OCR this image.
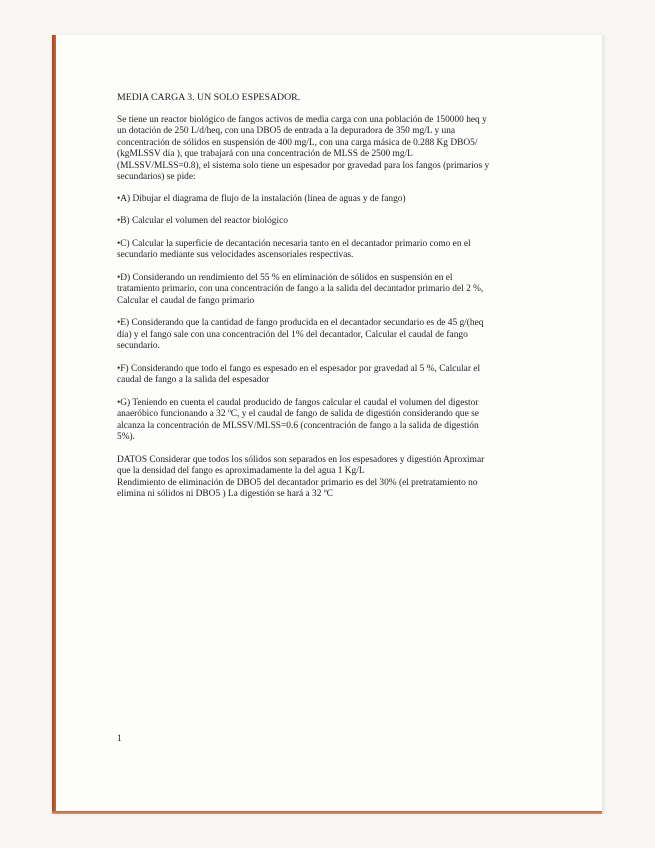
MEDIA CARGA 3. UN SOLO ESPESADOR.
Se tiene un reactor biológico de fangos activos de media carga con una población de 150000 heq y
un dotación de 250 L/d/heq, con una DBO5 de entrada a la depuradora de 350 mg/L y una
concentración de sólidos en suspensión de 400 mg/L, con una carga másica de 0.288 Kg DBO5/
(kgMLSSV día ), que trabajará con una concentración de MLSS de 2500 mg/L
(MLSSV/MLSS=0.8), el sistema solo tiene un espesador por gravedad para los fangos (primarios y
secundarios) se pide:
•A) Dibujar el diagrama de flujo de la instalación (línea de aguas y de fango)
•B) Calcular el volumen del reactor biológico
•C) Calcular la superficie de decantación necesaria tanto en el decantador primario como en el
secundario mediante sus velocidades ascensoriales respectivas.
•D) Considerando un rendimiento del 55 % en eliminación de sólidos en suspensión en el
tratamiento primario, con una concentración de fango a la salida del decantador primario del 2 %,
Calcular el caudal de fango primario
•E) Considerando que la cantidad de fango producida en el decantador secundario es de 45 g/(heq
día) y el fango sale con una concentración del 1% del decantador, Calcular el caudal de fango
secundario.
•F) Considerando que todo el fango es espesado en el espesador por gravedad al 5 %, Calcular el
caudal de fango a la salida del espesador
•G) Teniendo en cuenta el caudal producido de fangos calcular el caudal el volumen del digestor
anaeróbico funcionando a 32 ºC, y el caudal de fango de salida de digestión considerando que se
alcanza la concentración de MLSSV/MLSS=0.6 (concentración de fango a la salida de digestión
5%).
DATOS Considerar que todos los sólidos son separados en los espesadores y digestión Aproximar
que la densidad del fango es aproximadamente la del agua 1 Kg/L
Rendimiento de eliminación de DBO5 del decantador primario es del 30% (el pretratamiento no
elimina ni sólidos ni DBO5 ) La digestión se hará a 32 ºC
1
